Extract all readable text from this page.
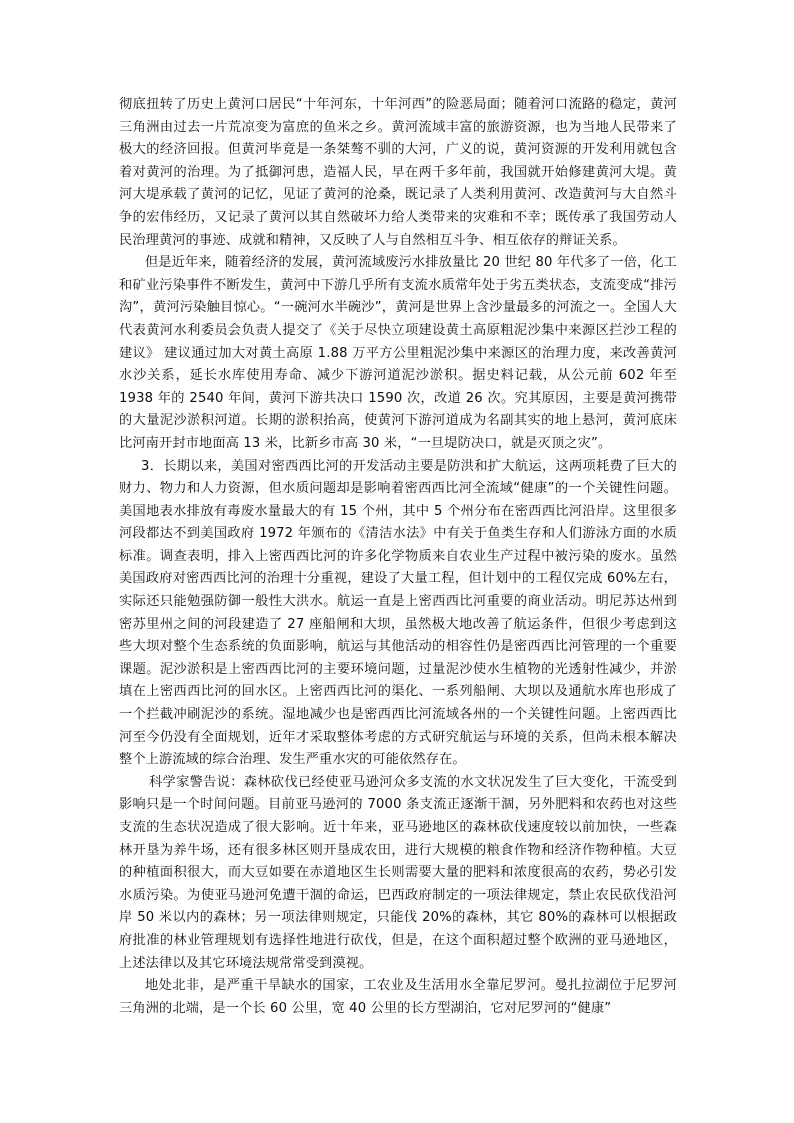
彻底扭转了历史上黄河口居民“十年河东，十年河西”的险恶局面；随着河口流路的稳定，黄河三角洲由过去一片荒凉变为富庶的鱼米之乡。黄河流域丰富的旅游资源，也为当地人民带来了极大的经济回报。但黄河毕竟是一条桀骜不驯的大河，广义的说，黄河资源的开发利用就包含着对黄河的治理。为了抵御河患，造福人民，早在两千多年前，我国就开始修建黄河大堤。黄河大堤承载了黄河的记忆，见证了黄河的沧桑，既记录了人类利用黄河、改造黄河与大自然斗争的宏伟经历，又记录了黄河以其自然破坏力给人类带来的灾难和不幸；既传承了我国劳动人民治理黄河的事迹、成就和精神，又反映了人与自然相互斗争、相互依存的辩证关系。

但是近年来，随着经济的发展，黄河流域废污水排放量比 20 世纪 80 年代多了一倍，化工和矿业污染事件不断发生，黄河中下游几乎所有支流水质常年处于劣五类状态，支流变成“排污沟”，黄河污染触目惊心。“一碗河水半碗沙”，黄河是世界上含沙量最多的河流之一。全国人大代表黄河水利委员会负责人提交了《关于尽快立项建设黄土高原粗泥沙集中来源区拦沙工程的建议》 建议通过加大对黄土高原 1.88 万平方公里粗泥沙集中来源区的治理力度，来改善黄河水沙关系，延长水库使用寿命、减少下游河道泥沙淤积。据史料记载，从公元前 602 年至 1938 年的 2540 年间，黄河下游共决口 1590 次，改道 26 次。究其原因，主要是黄河携带的大量泥沙淤积河道。长期的淤积抬高，使黄河下游河道成为名副其实的地上悬河，黄河底床比河南开封市地面高 13 米，比新乡市高 30 米，“一旦堤防决口，就是灭顶之灾”。

3．长期以来，美国对密西西比河的开发活动主要是防洪和扩大航运，这两项耗费了巨大的财力、物力和人力资源，但水质问题却是影响着密西西比河全流域“健康”的一个关键性问题。美国地表水排放有毒废水量最大的有 15 个州，其中 5 个州分布在密西西比河沿岸。这里很多河段都达不到美国政府 1972 年颁布的《清洁水法》中有关于鱼类生存和人们游泳方面的水质标准。调查表明，排入上密西西比河的许多化学物质来自农业生产过程中被污染的废水。虽然美国政府对密西西比河的治理十分重视，建设了大量工程，但计划中的工程仅完成 60%左右，实际还只能勉强防御一般性大洪水。航运一直是上密西西比河重要的商业活动。明尼苏达州到密苏里州之间的河段建造了 27 座船闸和大坝，虽然极大地改善了航运条件，但很少考虑到这些大坝对整个生态系统的负面影响，航运与其他活动的相容性仍是密西西比河管理的一个重要课题。泥沙淤积是上密西西比河的主要环境问题，过量泥沙使水生植物的光透射性减少，并淤填在上密西西比河的回水区。上密西西比河的渠化、一系列船闸、大坝以及通航水库也形成了一个拦截冲刷泥沙的系统。湿地减少也是密西西比河流域各州的一个关键性问题。上密西西比河至今仍没有全面规划，近年才采取整体考虑的方式研究航运与环境的关系，但尚未根本解决整个上游流域的综合治理、发生严重水灾的可能依然存在。

科学家警告说：森林砍伐已经使亚马逊河众多支流的水文状况发生了巨大变化，干流受到影响只是一个时间问题。目前亚马逊河的 7000 条支流正逐渐干涸，另外肥料和农药也对这些支流的生态状况造成了很大影响。近十年来，亚马逊地区的森林砍伐速度较以前加快，一些森林开垦为养牛场，还有很多林区则开垦成农田，进行大规模的粮食作物和经济作物种植。大豆的种植面积很大，而大豆如要在赤道地区生长则需要大量的肥料和浓度很高的农药，势必引发水质污染。为使亚马逊河免遭干涸的命运，巴西政府制定的一项法律规定，禁止农民砍伐沿河岸 50 米以内的森林；另一项法律则规定，只能伐 20%的森林，其它 80%的森林可以根据政府批准的林业管理规划有选择性地进行砍伐，但是，在这个面积超过整个欧洲的亚马逊地区，上述法律以及其它环境法规常常受到漠视。

地处北非，是严重干旱缺水的国家，工农业及生活用水全靠尼罗河。曼扎拉湖位于尼罗河三角洲的北端，是一个长 60 公里，宽 40 公里的长方型湖泊，它对尼罗河的“健康”
